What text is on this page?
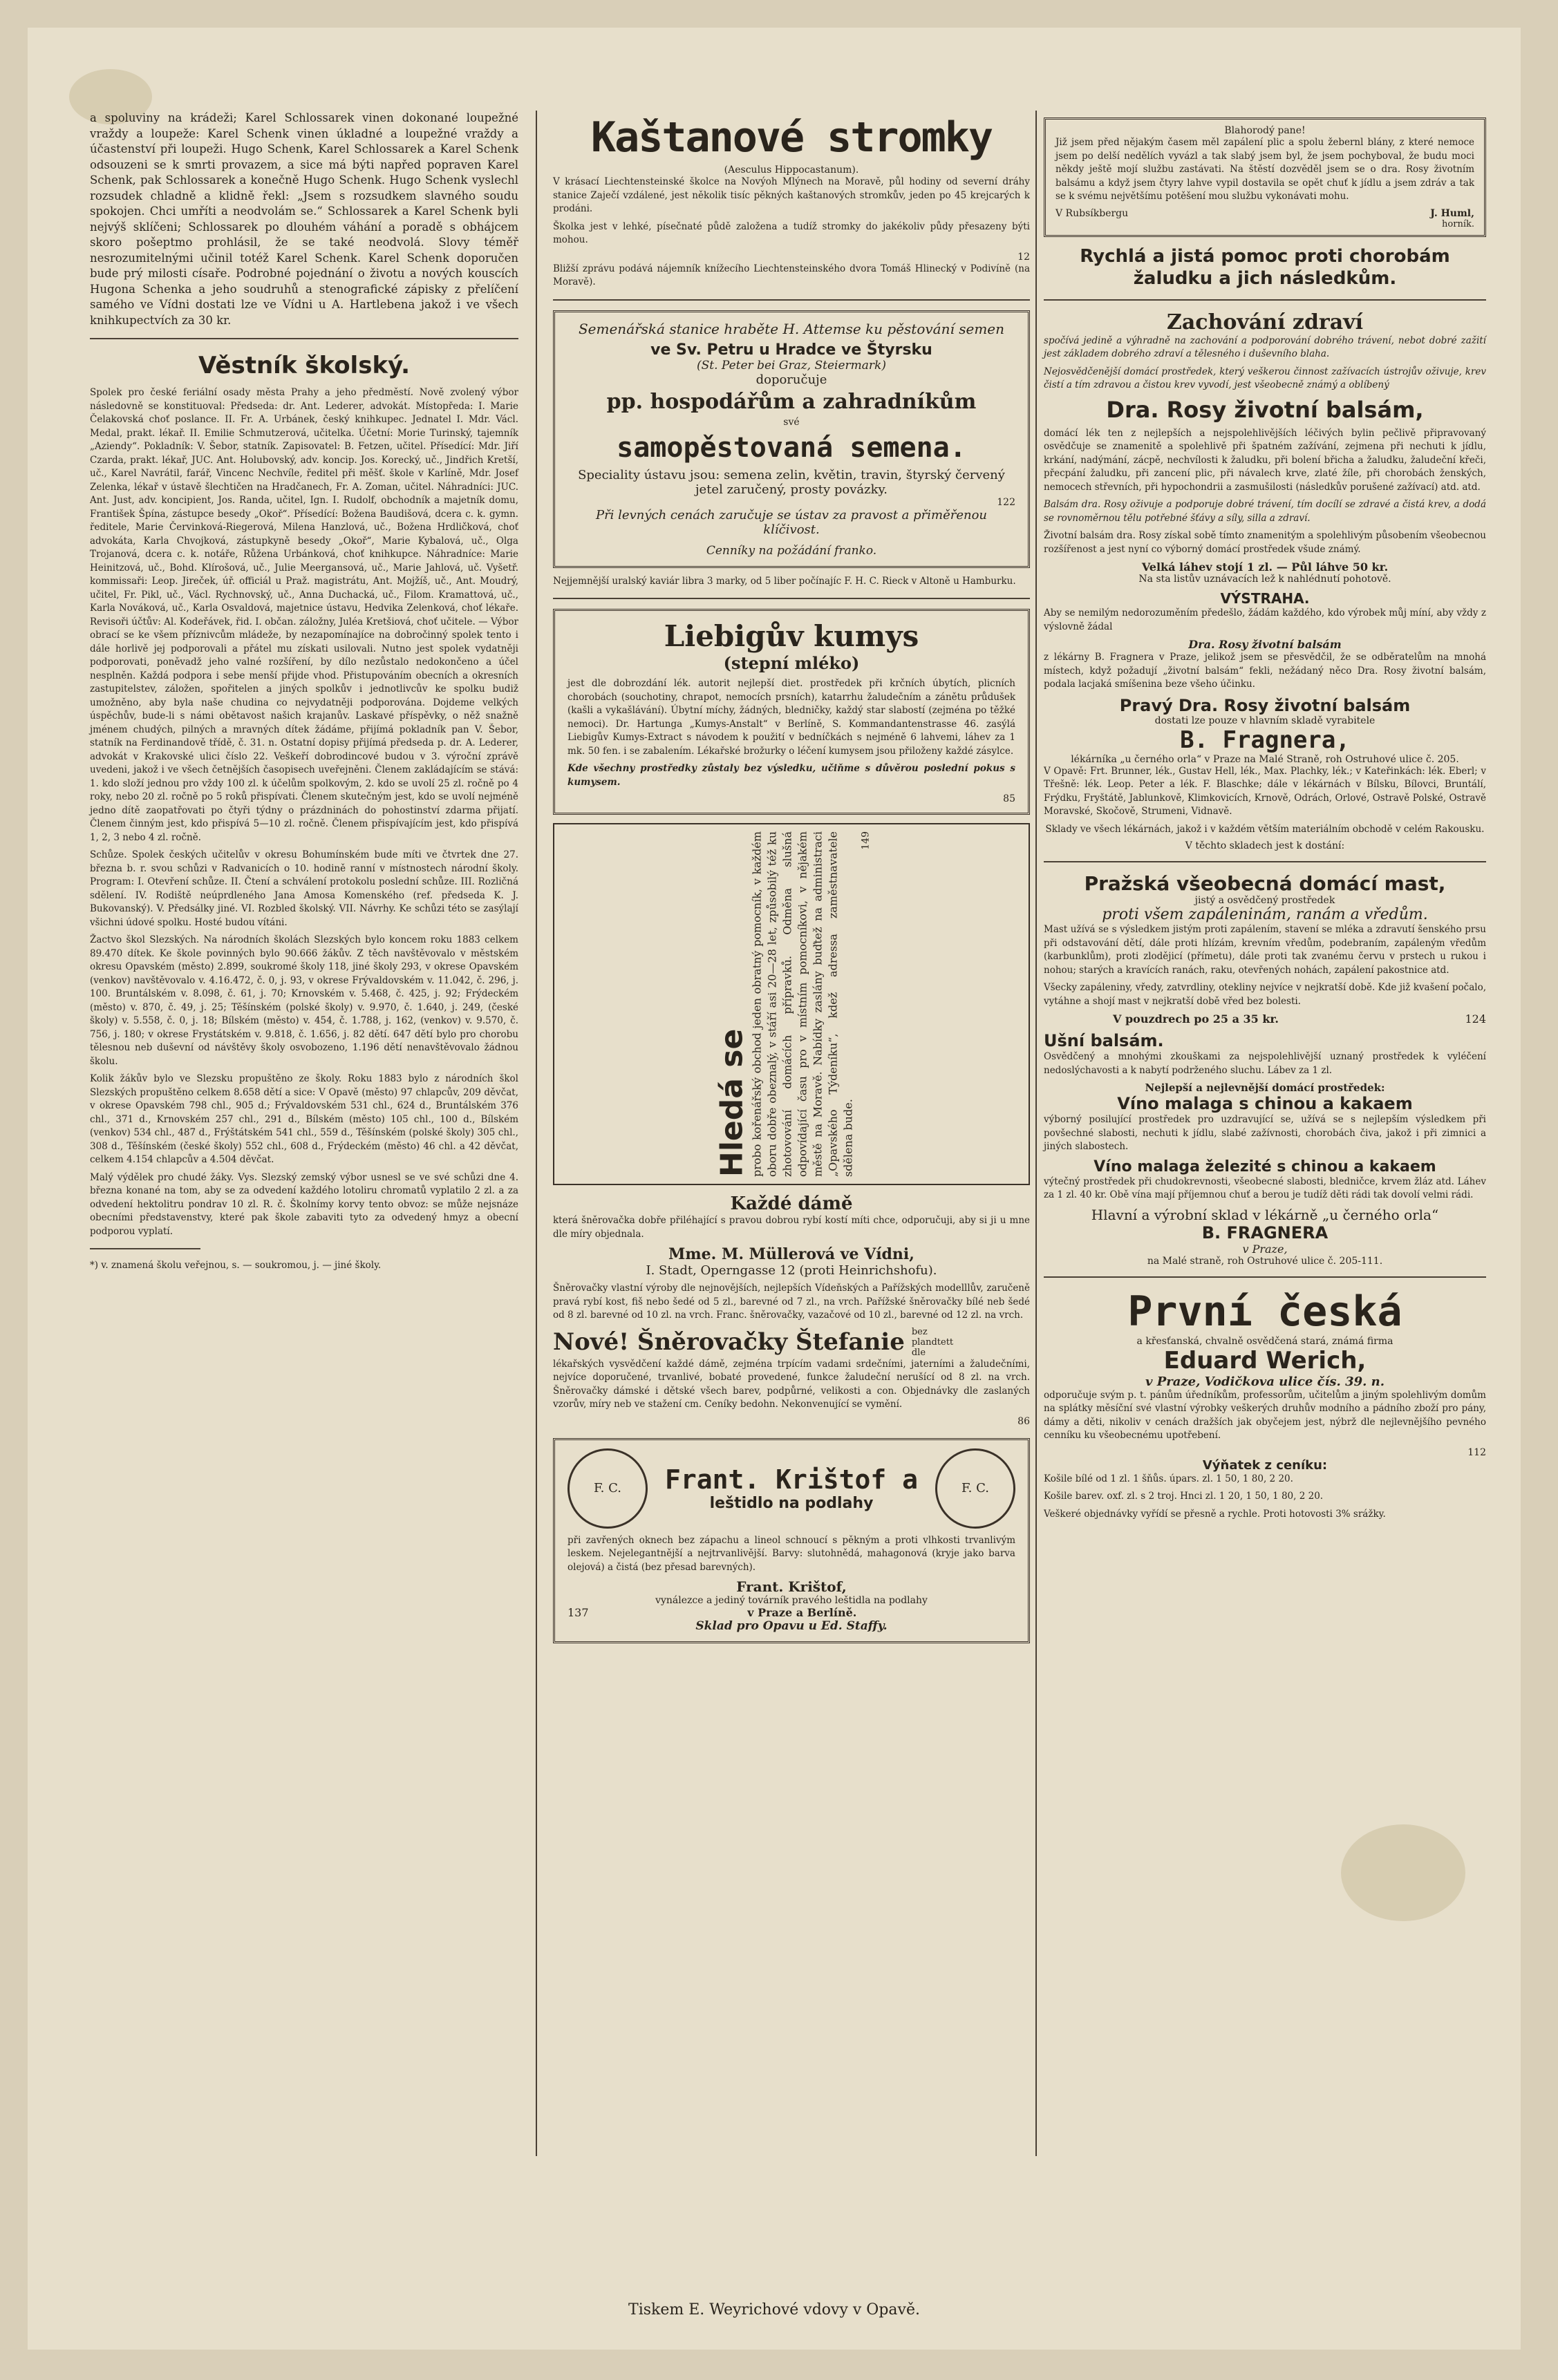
a spoluviny na krádeži; Karel Schlossarek vinen dokonané loupežné vraždy a loupeže: Karel Schenk vinen úkladné a loupežné vraždy a účastenství při loupeži. Hugo Schenk, Karel Schlossarek a Karel Schenk odsouzeni se k smrti provazem, a sice má býti napřed popraven Karel Schenk, pak Schlossarek a konečně Hugo Schenk. Hugo Schenk vyslechl rozsudek chladně a klidně řekl: „Jsem s rozsudkem slavného soudu spokojen. Chci umříti a neodvolám se.“ Schlossarek a Karel Schenk byli nejvýš sklíčeni; Schlossarek po dlouhém váhání a poradě s obhájcem skoro pošeptmo prohlásil, že se také neodvolá. Slovy téměř nesrozumitelnými učinil totéž Karel Schenk. Karel Schenk doporučen bude prý milosti císaře. Podrobné pojednání o životu a nových kouscích Hugona Schenka a jeho soudruhů a stenografické zápisky z přelíčení samého ve Vídni dostati lze ve Vídni u A. Hartlebena jakož i ve všech knihkupectvích za 30 kr.

Věstník školský.

Spolek pro české feriální osady města Prahy a jeho předměstí. Nově zvolený výbor následovně se konstituoval: Předseda: dr. Ant. Lederer, advokát. Místopředa: I. Marie Čelakovská choť poslance. II. Fr. A. Urbánek, český knihkupec. Jednatel I. Mdr. Václ. Medal, prakt. lékař. II. Emilie Schmutzerová, učitelka. Účetní: Morie Turinský, tajemník „Aziendy“. Pokladník: V. Šebor, statník. Zapisovatel: B. Fetzen, učitel. Přísedící: Mdr. Jiří Czarda, prakt. lékař, JUC. Ant. Holubovský, adv. koncip. Jos. Korecký, uč., Jindřich Kretší, uč., Karel Navrátil, farář, Vincenc Nechvíle, ředitel při měšť. škole v Karlíně, Mdr. Josef Zelenka, lékař v ústavě šlechtičen na Hradčanech, Fr. A. Zoman, učitel. Náhradníci: JUC. Ant. Just, adv. koncipient, Jos. Randa, učitel, Ign. I. Rudolf, obchodník a majetník domu, František Špína, zástupce besedy „Okoř“. Přísedící: Božena Baudišová, dcera c. k. gymn. ředitele, Marie Červinková-Riegerová, Milena Hanzlová, uč., Božena Hrdličková, choť advokáta, Karla Chvojková, zástupkyně besedy „Okoř“, Marie Kybalová, uč., Olga Trojanová, dcera c. k. notáře, Růžena Urbánková, choť knihkupce. Náhradníce: Marie Heinitzová, uč., Bohd. Klírošová, uč., Julie Meergansová, uč., Marie Jahlová, uč. Vyšetř. kommissaři: Leop. Jireček, úř. officiál u Praž. magistrátu, Ant. Mojžíš, uč., Ant. Moudrý, učitel, Fr. Pikl, uč., Václ. Rychnovský, uč., Anna Duchacká, uč., Filom. Kramattová, uč., Karla Nováková, uč., Karla Osvaldová, majetnice ústavu, Hedvika Zelenková, choť lékaře. Revisoři účtův: Al. Kodeřávek, řid. I. občan. záložny, Juléa Kretšiová, choť učitele. — Výbor obrací se ke všem příznivcům mládeže, by nezapomínajíce na dobročinný spolek tento i dále horlivě jej podporovali a přátel mu získati usilovali. Nutno jest spolek vydatněji podporovati, poněvadž jeho valné rozšíření, by dílo nezůstalo nedokončeno a účel nesplněn. Každá podpora i sebe menší přijde vhod. Přistupováním obecních a okresních zastupitelstev, záložen, spořitelen a jiných spolkův i jednotlivcův ke spolku budiž umožněno, aby byla naše chudina co nejvydatněji podporována. Dojdeme velkých úspěchův, bude-li s námi obětavost našich krajanův. Laskavé příspěvky, o něž snažně jménem chudých, pilných a mravných dítek žádáme, přijímá pokladník pan V. Šebor, statník na Ferdinandově třídě, č. 31. n. Ostatní dopisy přijímá předseda p. dr. A. Lederer, advokát v Krakovské ulici číslo 22. Veškeří dobrodincové budou v 3. výroční zprávě uvedeni, jakož i ve všech četnějších časopisech uveřejněni. Členem zakládajícím se stává: 1. kdo složí jednou pro vždy 100 zl. k účelům spolkovým, 2. kdo se uvolí 25 zl. ročně po 4 roky, nebo 20 zl. ročně po 5 roků přispívati. Členem skutečným jest, kdo se uvolí nejméně jedno dítě zaopatřovati po čtyři týdny o prázdninách do pohostinství zdarma přijatí. Členem činným jest, kdo přispívá 5—10 zl. ročně. Členem přispívajícím jest, kdo přispívá 1, 2, 3 nebo 4 zl. ročně.

Schůze. Spolek českých učitelův v okresu Bohumínském bude míti ve čtvrtek dne 27. března b. r. svou schůzi v Radvanicích o 10. hodině ranní v místnostech národní školy. Program: I. Otevření schůze. II. Čtení a schválení protokolu poslední schůze. III. Rozličná sdělení. IV. Rodiště neúprdleného Jana Amosa Komenského (ref. předseda K. J. Bukovanský). V. Předsálky jiné. VI. Rozbled školský. VII. Návrhy. Ke schůzi této se zasýlají všichni údové spolku. Hosté budou vítáni.

Žactvo škol Slezských. Na národních školách Slezských bylo koncem roku 1883 celkem 89.470 dítek. Ke škole povinných bylo 90.666 žákův. Z těch navštěvovalo v městském okresu Opavském (město) 2.899, soukromé školy 118, jiné školy 293, v okrese Opavském (venkov) navštěvovalo v. 4.16.472, č. 0, j. 93, v okrese Frývaldovském v. 11.042, č. 296, j. 100. Bruntálském v. 8.098, č. 61, j. 70; Krnovském v. 5.468, č. 425, j. 92; Frýdeckém (město) v. 870, č. 49, j. 25; Těšínském (polské školy) v. 9.970, č. 1.640, j. 249, (české školy) v. 5.558, č. 0, j. 18; Bílském (město) v. 454, č. 1.788, j. 162, (venkov) v. 9.570, č. 756, j. 180; v okrese Frystátském v. 9.818, č. 1.656, j. 82 dětí. 647 dětí bylo pro chorobu tělesnou neb duševní od návštěvy školy osvobozeno, 1.196 dětí nenavštěvovalo žádnou školu.

Kolik žákův bylo ve Slezsku propuštěno ze školy. Roku 1883 bylo z národních škol Slezských propuštěno celkem 8.658 dětí a sice: V Opavě (město) 97 chlapcův, 209 děvčat, v okrese Opavském 798 chl., 905 d.; Frývaldovském 531 chl., 624 d., Bruntálském 376 chl., 371 d., Krnovském 257 chl., 291 d., Bílském (město) 105 chl., 100 d., Bílském (venkov) 534 chl., 487 d., Frýštátském 541 chl., 559 d., Těšínském (polské školy) 305 chl., 308 d., Těšínském (české školy) 552 chl., 608 d., Frýdeckém (město) 46 chl. a 42 děvčat, celkem 4.154 chlapcův a 4.504 děvčat.

Malý výdělek pro chudé žáky. Vys. Slezský zemský výbor usnesl se ve své schůzi dne 4. března konané na tom, aby se za odvedení každého lotoliru chromatů vyplatilo 2 zl. a za odvedení hektolitru pondrav 10 zl. R. č. Školnímy korvy tento obvoz: se může nejsnáze obecními představenstvy, které pak škole zabaviti tyto za odvedený hmyz a obecní podporou vyplatí.

*) v. znamená školu veřejnou, s. — soukromou, j. — jiné školy.

Kaštanové stromky
(Aesculus Hippocastanum).

V krásací Liechtensteinské školce na Novýoh Mlýnech na Moravě, půl hodiny od severní dráhy stanice Zaječí vzdálené, jest několik tisíc pěkných kaštanových stromkův, jeden po 45 krejcarých k prodáni.

Školka jest v lehké, písečnaté půdě založena a tudíž stromky do jakékoliv půdy přesazeny býti mohou.

12

Bližší zprávu podává nájemník knížecího Liechtensteinského dvora Tomáš Hlinecký v Podivíně (na Moravě).

Semenářská stanice hraběte H. Attemse ku pěstování semen
ve Sv. Petru u Hradce ve Štyrsku
(St. Peter bei Graz, Steiermark)
doporučuje
pp. hospodářům a zahradníkům
své
samopěstovaná semena.
Speciality ústavu jsou: semena zelin, květin, travin, štyrský červený jetel zaručený, prosty povázky.
122
Při levných cenách zaručuje se ústav za pravost a přiměřenou klíčivost.
Cenníky na požádání franko.

Nejjemnější uralský kaviár libra 3 marky, od 5 liber počínajíc F. H. C. Rieck v Altoně u Hamburku.

Liebigův kumys
(stepní mléko)

jest dle dobrozdání lék. autorit nejlepší diet. prostředek při krčních úbytích, plicních chorobách (souchotiny, chrapot, nemocích prsních), katarrhu žaludečním a zánětu průdušek (kašli a vykašlávání). Úbytní míchy, žádných, bledničky, každý star slabostí (zejména po těžké nemoci). Dr. Hartunga „Kumys-Anstalt“ v Berlíně, S. Kommandantenstrasse 46. zasýlá Liebigův Kumys-Extract s návodem k použití v bedníčkách s nejméně 6 lahvemi, láhev za 1 mk. 50 fen. i se zabalením. Lékařské brožurky o léčení kumysem jsou přiloženy každé zásylce.

Kde všechny prostředky zůstaly bez výsledku, učiňme s důvěrou poslední pokus s kumysem.

85
Hledá se probo kořenářský obchod jeden obratný pomocník, v každém oboru dobře obeznalý, v stáří asi 20—28 let, způsobilý též ku zhotovování domácích přípravků. Odměna slušná odpovídající času pro v místním pomocníkovi, v nějakém městě na Moravě. Nabídky zaslány buďtež na administraci „Opavského Týdeníku“, kdež adressa zaměstnavatele sdělena bude.

149
Každé dámě

která šněrovačka dobře přiléhající s pravou dobrou rybí kostí míti chce, odporučuji, aby si ji u mne dle míry objednala.

Mme. M. Müllerová ve Vídni,
I. Stadt, Operngasse 12 (proti Heinrichshofu).

Šněrovačky vlastní výroby dle nejnovějších, nejlepších Vídeňských a Pařížských modelllův, zaručeně pravá rybí kost, fiš nebo šedé od 5 zl., barevné od 7 zl., na vrch. Pařížské šněrovačky bílé neb šedé od 8 zl. barevné od 10 zl. na vrch. Franc. šněrovačky, vazačové od 10 zl., barevné od 12 zl. na vrch.

Nové! Šněrovačky Štefanie bez plandtett dle

lékařských vysvědčení každé dámě, zejména trpícím vadami srdečními, jaterními a žaludečními, nejvíce doporučené, trvanlivé, bobaté provedené, funkce žaludeční nerušící od 8 zl. na vrch. Šněrovačky dámské i dětské všech barev, podpůrné, velikosti a con. Objednávky dle zaslaných vzorův, míry neb ve stažení cm. Ceníky bedohn. Nekonvenující se vymění.

86
F. C.	Frant. Krištof a
leštidlo na podlahy
F. C.

při zavřených oknech bez zápachu a lineol schnoucí s pěkným a proti vlhkosti trvanlivým leskem. Nejelegantnější a nejtrvanlivější. Barvy: slutohnědá, mahagonová (kryje jako barva olejová) a čistá (bez přesad barevných).

Frant. Krištof,
vynálezce a jediný továrník pravého leštidla na podlahy
137	v Praze a Berlíně.
Sklad pro Opavu u Ed. Staffy.
Blahorodý pane!

Již jsem před nějakým časem měl zapálení plic a spolu žebernl blány, z které nemoce jsem po delší nedělích vyvázl a tak slabý jsem byl, že jsem pochyboval, že budu moci někdy ještě mojí službu zastávati. Na štěstí dozvěděl jsem se o dra. Rosy životním balsámu a když jsem čtyry lahve vypil dostavila se opět chuť k jídlu a jsem zdráv a tak se k svému největšímu potěšení mou službu vykonávati mohu.

V Rubsíkbergu	J. Huml,
horník.
Rychlá a jistá pomoc proti chorobám žaludku a jich následkům.
Zachování zdraví

spočívá jedině a výhradně na zachování a podporování dobrého trávení, nebot dobré zažití jest základem dobrého zdraví a tělesného i duševního blaha.

Nejosvědčenější domácí prostředek, který veškerou činnost zažívacích ústrojův oživuje, krev čistí a tím zdravou a čistou krev vyvodí, jest všeobecně známý a oblíbený

Dra. Rosy životní balsám,

domácí lék ten z nejlepších a nejspolehlivějších léčivých bylin pečlivě připravovaný osvědčuje se znamenitě a spolehlivě při špatném zažívání, zejmena při nechuti k jídlu, krkání, nadýmání, zácpě, nechvílosti k žaludku, při bolení břicha a žaludku, žaludeční křeči, přecpání žaludku, při zancení plic, při návalech krve, zlaté žíle, při chorobách ženských, nemocech střevních, při hypochondrii a zasmušilosti (následkův porušené zažívací) atd. atd.

Balsám dra. Rosy oživuje a podporuje dobré trávení, tím docílí se zdravé a čistá krev, a dodá se rovnoměrnou tělu potřebné šťávy a síly, silla a zdraví.

Životní balsám dra. Rosy získal sobě tímto znamenitým a spolehlivým působením všeobecnou rozšířenost a jest nyní co výborný domácí prostředek všude známý.

Velká láhev stojí 1 zl. — Půl láhve 50 kr.
Na sta listův uznávacích lež k nahlédnutí pohotově.
VÝSTRAHA.

Aby se nemilým nedorozuměním předešlo, žádám každého, kdo výrobek můj míní, aby vždy z výslovně žádal

Dra. Rosy životní balsám

z lékárny B. Fragnera v Praze, jelikož jsem se přesvědčil, že se odběratelům na mnohá místech, když požadují „životní balsám“ fekli, nežádaný něco Dra. Rosy životní balsám, podala lacjaká smíšenina beze všeho účinku.

Pravý Dra. Rosy životní balsám
dostati lze pouze v hlavním skladě vyrabitele
B. Fragnera,
lékárníka „u černého orla“ v Praze na Malé Straně, roh Ostruhové ulice č. 205.

V Opavě: Frt. Brunner, lék., Gustav Hell, lék., Max. Plachky, lék.; v Kateřinkách: lék. Eberl; v Třešně: lék. Leop. Peter a lék. F. Blaschke; dále v lékárnách v Bílsku, Bílovci, Bruntálí, Frýdku, Fryštátě, Jablunkově, Klimkovicích, Krnově, Odrách, Orlové, Ostravě Polské, Ostravě Moravské, Skočově, Strumeni, Vidnavě.

Sklady ve všech lékárnách, jakož i v každém větším materiálním obchodě v celém Rakousku.

V těchto skladech jest k dostání:
Pražská všeobecná domácí mast,
jistý a osvědčený prostředek
proti všem zapáleninám, ranám a vředům.

Mast užívá se s výsledkem jistým proti zapálením, stavení se mléka a zdravutí šenského prsu při odstavování dětí, dále proti hlízám, krevním vředům, podebraním, zapáleným vředům (karbunklům), proti zlodějicí (přímetu), dále proti tak zvanému červu v prstech u rukou i nohou; starých a kravících ranách, raku, otevřených nohách, zapálení pakostnice atd.

Všecky zapáleniny, vředy, zatvrdliny, otekliny nejvíce v nejkratší době. Kde již kvašení počalo, vytáhne a shojí mast v nejkratší době vřed bez bolesti.

V pouzdrech po 25 a 35 kr.	124
Ušní balsám.

Osvědčený a mnohými zkouškami za nejspolehlivější uznaný prostředek k vyléčení nedoslýchavosti a k nabytí podrženého sluchu. Lábev za 1 zl.

Nejlepší a nejlevnější domácí prostředek:
Víno malaga s chinou a kakaem

výborný posilující prostředek pro uzdravující se, užívá se s nejlepším výsledkem při povšechné slabosti, nechuti k jídlu, slabé zažívnosti, chorobách čiva, jakož i při zimnici a jiných slabostech.

Víno malaga železité s chinou a kakaem

výtečný prostředek při chudokrevnosti, všeobecné slabosti, bledničce, krvem žláz atd. Láhev za 1 zl. 40 kr. Obě vína mají příjemnou chuť a berou je tudíž děti rádi tak dovolí velmi rádi.

Hlavní a výrobní sklad v lékárně „u černého orla“
B. FRAGNERA
v Praze,
na Malé straně, roh Ostruhové ulice č. 205-111.
První česká
a křesťanská, chvalně osvědčená stará, známá firma
Eduard Werich,
v Praze, Vodičkova ulice čís. 39. n.

odporučuje svým p. t. pánům úředníkům, professorům, učitelům a jiným spolehlivým domům na splátky měsíční své vlastní výrobky veškerých druhův modního a pádního zboží pro pány, dámy a děti, nikoliv v cenách dražších jak obyčejem jest, nýbrž dle nejlevnějšího pevného cenníku ku všeobecnému upotřebení.

112
Výňatek z ceníku:

Košile bílé od 1 zl. 1 šňůs. úpars. zl. 1 50, 1 80, 2 20.

Košile barev. oxf. zl. s 2 troj. Hnci zl. 1 20, 1 50, 1 80, 2 20.

Veškeré objednávky vyřídí se přesně a rychle. Proti hotovosti 3% srážky.

Tiskem E. Weyrichové vdovy v Opavě.
